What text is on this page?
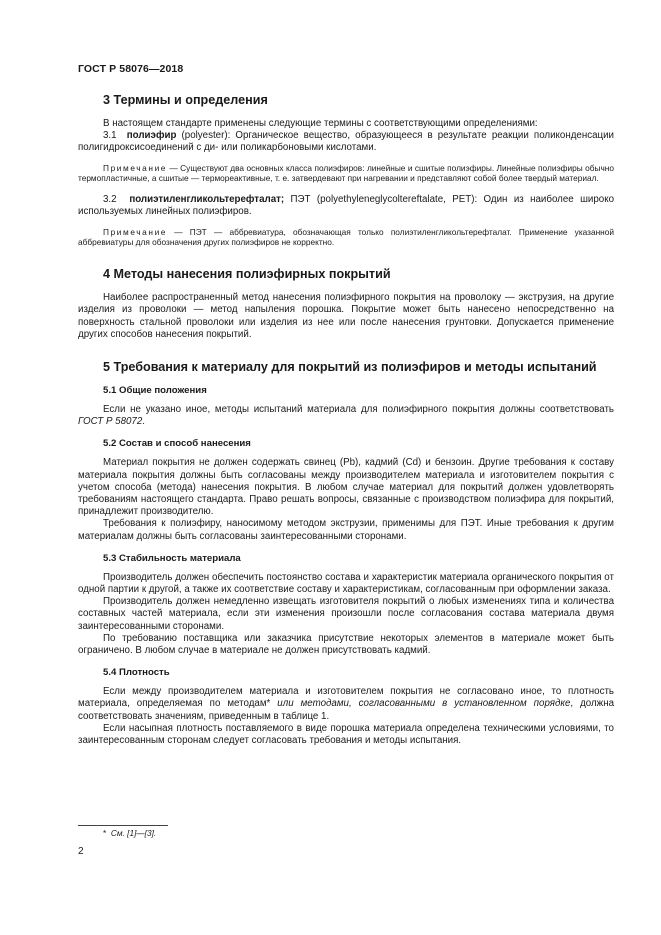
ГОСТ Р 58076—2018
3 Термины и определения

В настоящем стандарте применены следующие термины с соответствующими определениями:

3.1 полиэфир (polyester): Органическое вещество, образующееся в результате реакции поликонденсации полигидроксисоединений с ди- или поликарбоновыми кислотами.

Примечание — Существуют два основных класса полиэфиров: линейные и сшитые полиэфиры. Линейные полиэфиры обычно термопластичные, а сшитые — термореактивные, т. е. затвердевают при нагревании и представляют собой более твердый материал.

3.2 полиэтиленгликольтерефталат; ПЭТ (polyethyleneglycoltereftalate, PET): Один из наиболее широко используемых линейных полиэфиров.

Примечание — ПЭТ — аббревиатура, обозначающая только полиэтиленгликольтерефталат. Применение указанной аббревиатуры для обозначения других полиэфиров не корректно.

4 Методы нанесения полиэфирных покрытий

Наиболее распространенный метод нанесения полиэфирного покрытия на проволоку — экструзия, на другие изделия из проволоки — метод напыления порошка. Покрытие может быть нанесено непосредственно на поверхность стальной проволоки или изделия из нее или после нанесения грунтовки. Допускается применение других способов нанесения покрытий.

5 Требования к материалу для покрытий из полиэфиров и методы испытаний
5.1 Общие положения

Если не указано иное, методы испытаний материала для полиэфирного покрытия должны соответствовать ГОСТ Р 58072.

5.2 Состав и способ нанесения

Материал покрытия не должен содержать свинец (Pb), кадмий (Cd) и бензоин. Другие требования к составу материала покрытия должны быть согласованы между производителем материала и изготовителем покрытия с учетом способа (метода) нанесения покрытия. В любом случае материал для покрытий должен удовлетворять требованиям настоящего стандарта. Право решать вопросы, связанные с производством полиэфира для покрытий, принадлежит производителю.

Требования к полиэфиру, наносимому методом экструзии, применимы для ПЭТ. Иные требования к другим материалам должны быть согласованы заинтересованными сторонами.

5.3 Стабильность материала

Производитель должен обеспечить постоянство состава и характеристик материала органического покрытия от одной партии к другой, а также их соответствие составу и характеристикам, согласованным при оформлении заказа.

Производитель должен немедленно извещать изготовителя покрытий о любых изменениях типа и количества составных частей материала, если эти изменения произошли после согласования состава материала двумя заинтересованными сторонами.

По требованию поставщика или заказчика присутствие некоторых элементов в материале может быть ограничено. В любом случае в материале не должен присутствовать кадмий.

5.4 Плотность

Если между производителем материала и изготовителем покрытия не согласовано иное, то плотность материала, определяемая по методам* или методами, согласованными в установленном порядке, должна соответствовать значениям, приведенным в таблице 1.

Если насыпная плотность поставляемого в виде порошка материала определена техническими условиями, то заинтересованным сторонам следует согласовать требования и методы испытания.

* См. [1]—[3].
2
